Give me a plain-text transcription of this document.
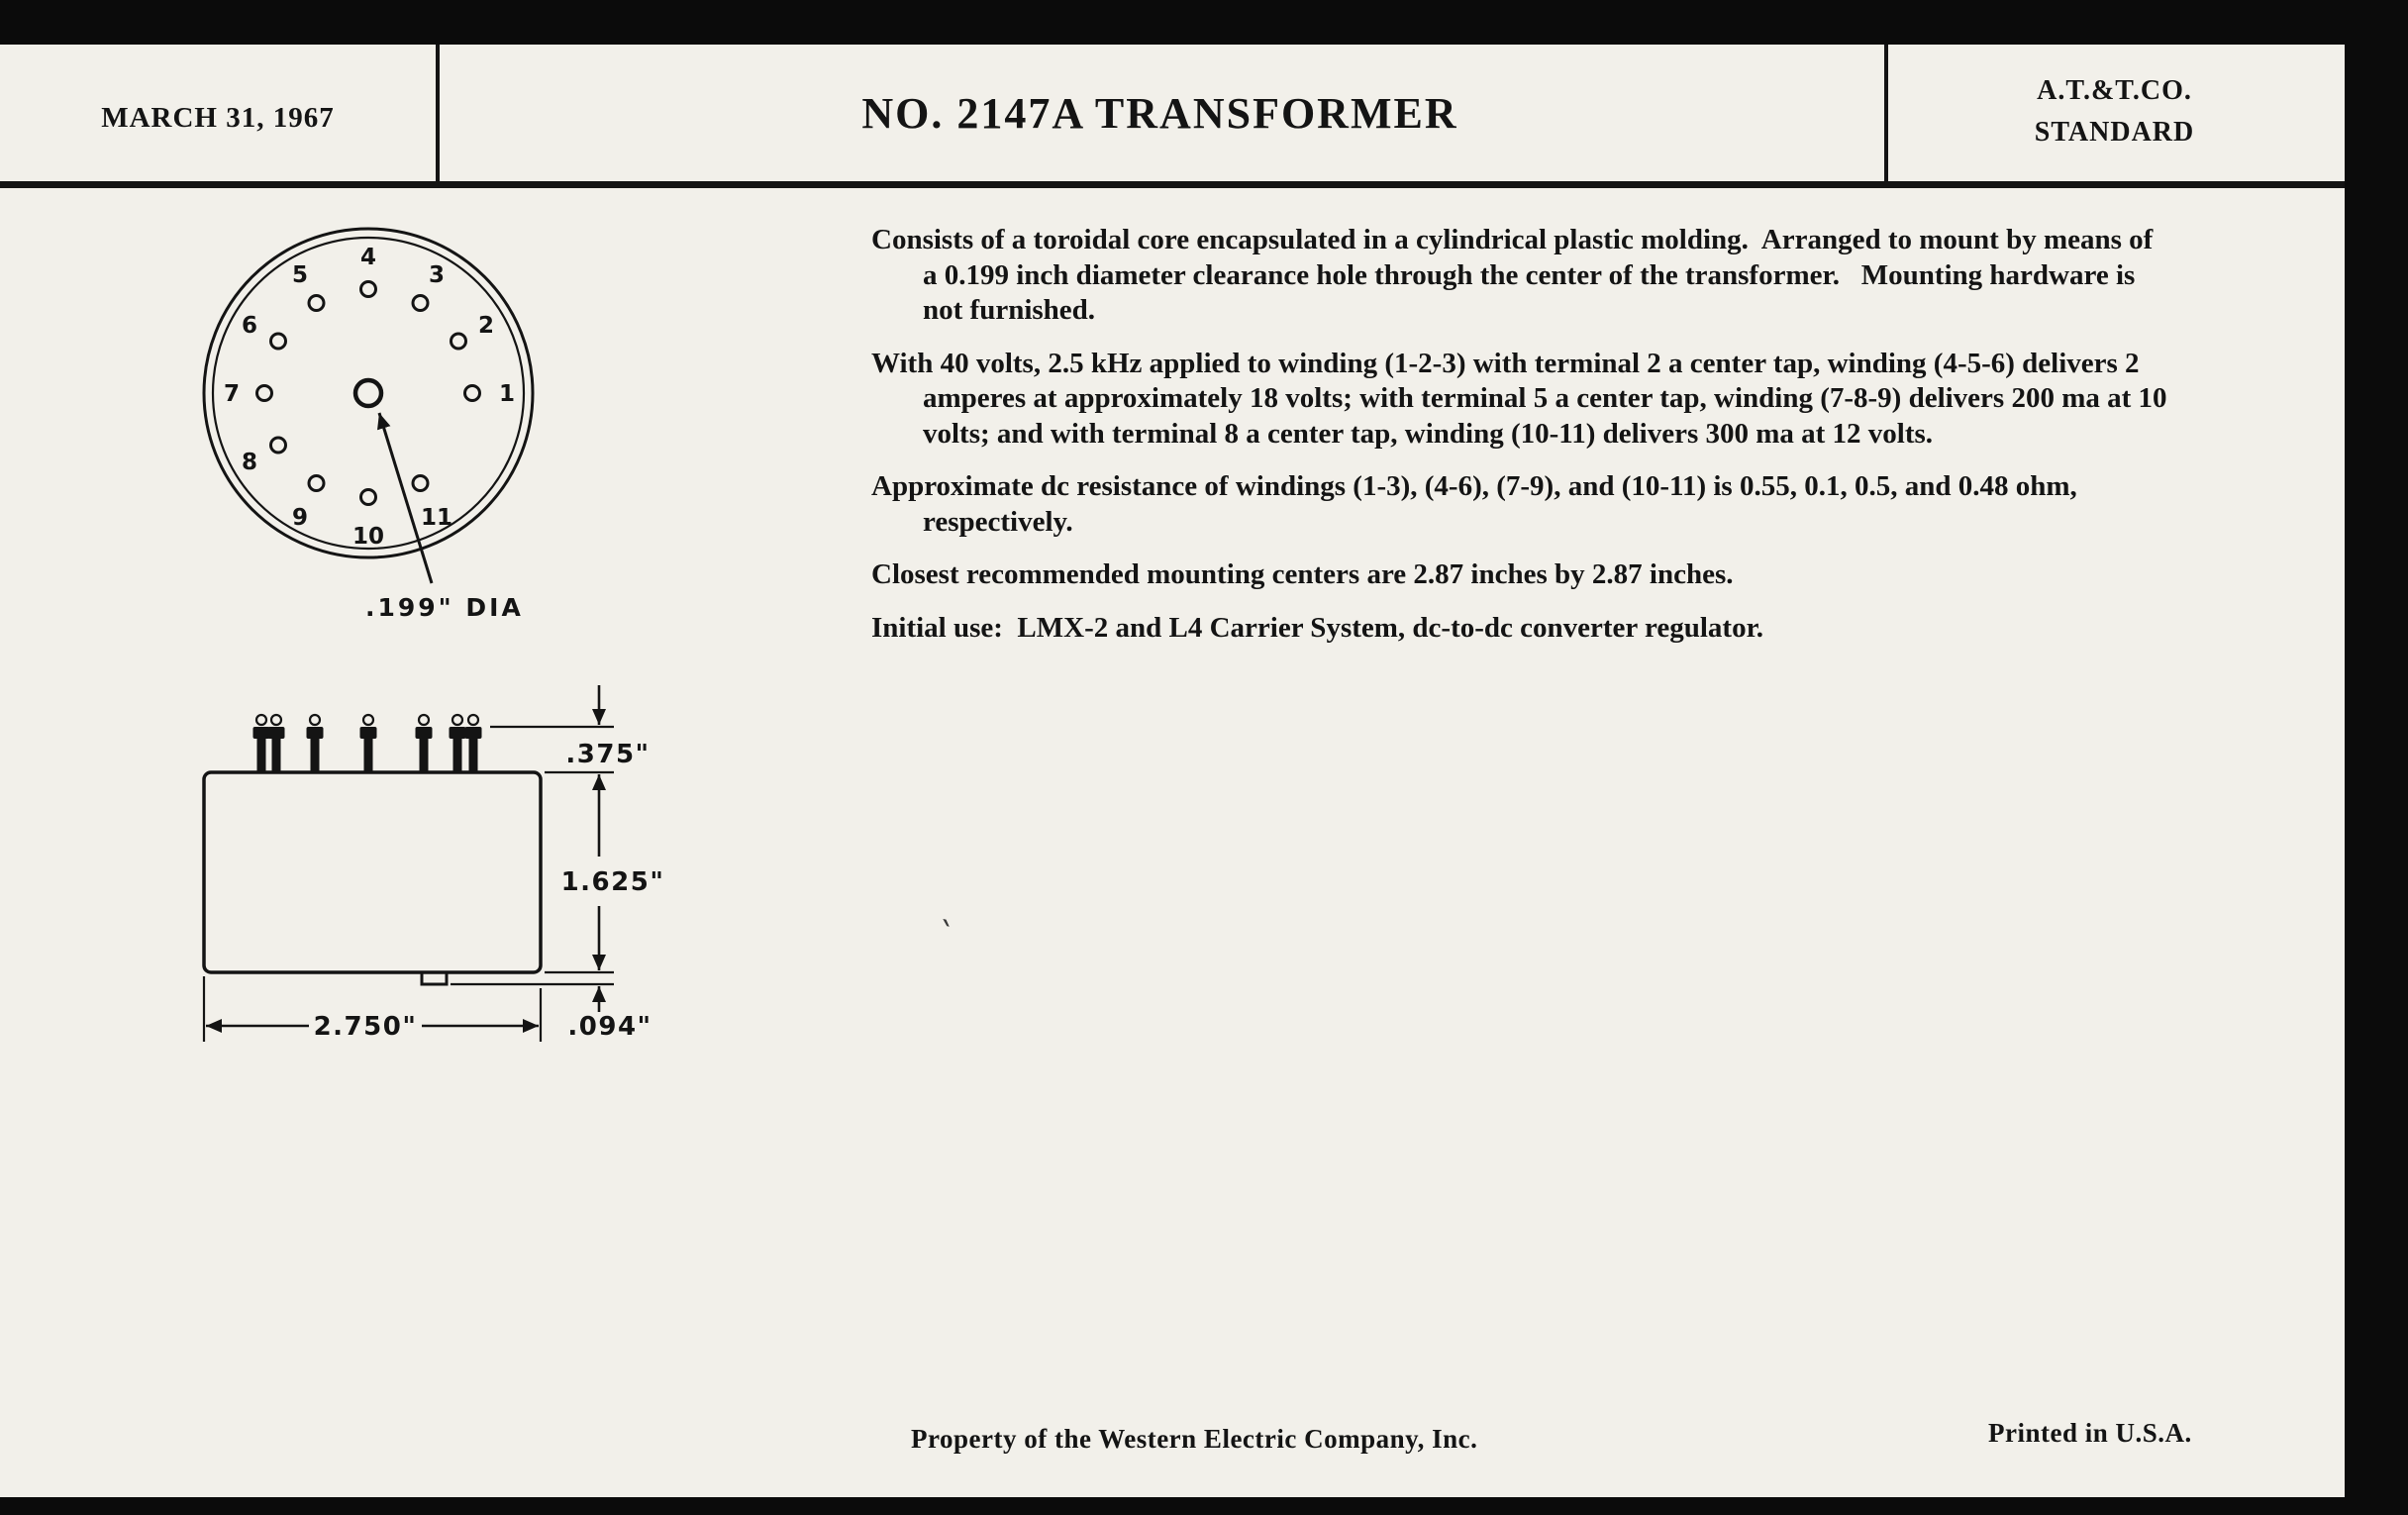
MARCH 31, 1967	NO. 2147A TRANSFORMER	A.T.&T.CO.
STANDARD
1
2
3
4
5
6
7
8
9
10
11
.199" DIA
.375"
1.625"
2.750"	.094"

Consists of a toroidal core encapsulated in a cylindrical plastic molding.  Arranged to mount by means of a 0.199 inch diameter clearance hole through the center of the transformer.   Mounting hardware is not furnished.

With 40 volts, 2.5 kHz applied to winding (1-2-3) with terminal 2 a center tap, winding (4-5-6) delivers 2 amperes at approximately 18 volts; with terminal 5 a center tap, winding (7-8-9) delivers 200 ma at 10 volts; and with terminal 8 a center tap, winding (10-11) delivers 300 ma at 12 volts.

Approximate dc resistance of windings (1-3), (4-6), (7-9), and (10-11) is 0.55, 0.1, 0.5, and 0.48 ohm, respectively.

Closest recommended mounting centers are 2.87 inches by 2.87 inches.

Initial use:  LMX-2 and L4 Carrier System, dc-to-dc converter regulator.

`
Property of the Western Electric Company, Inc.	Printed in U.S.A.
